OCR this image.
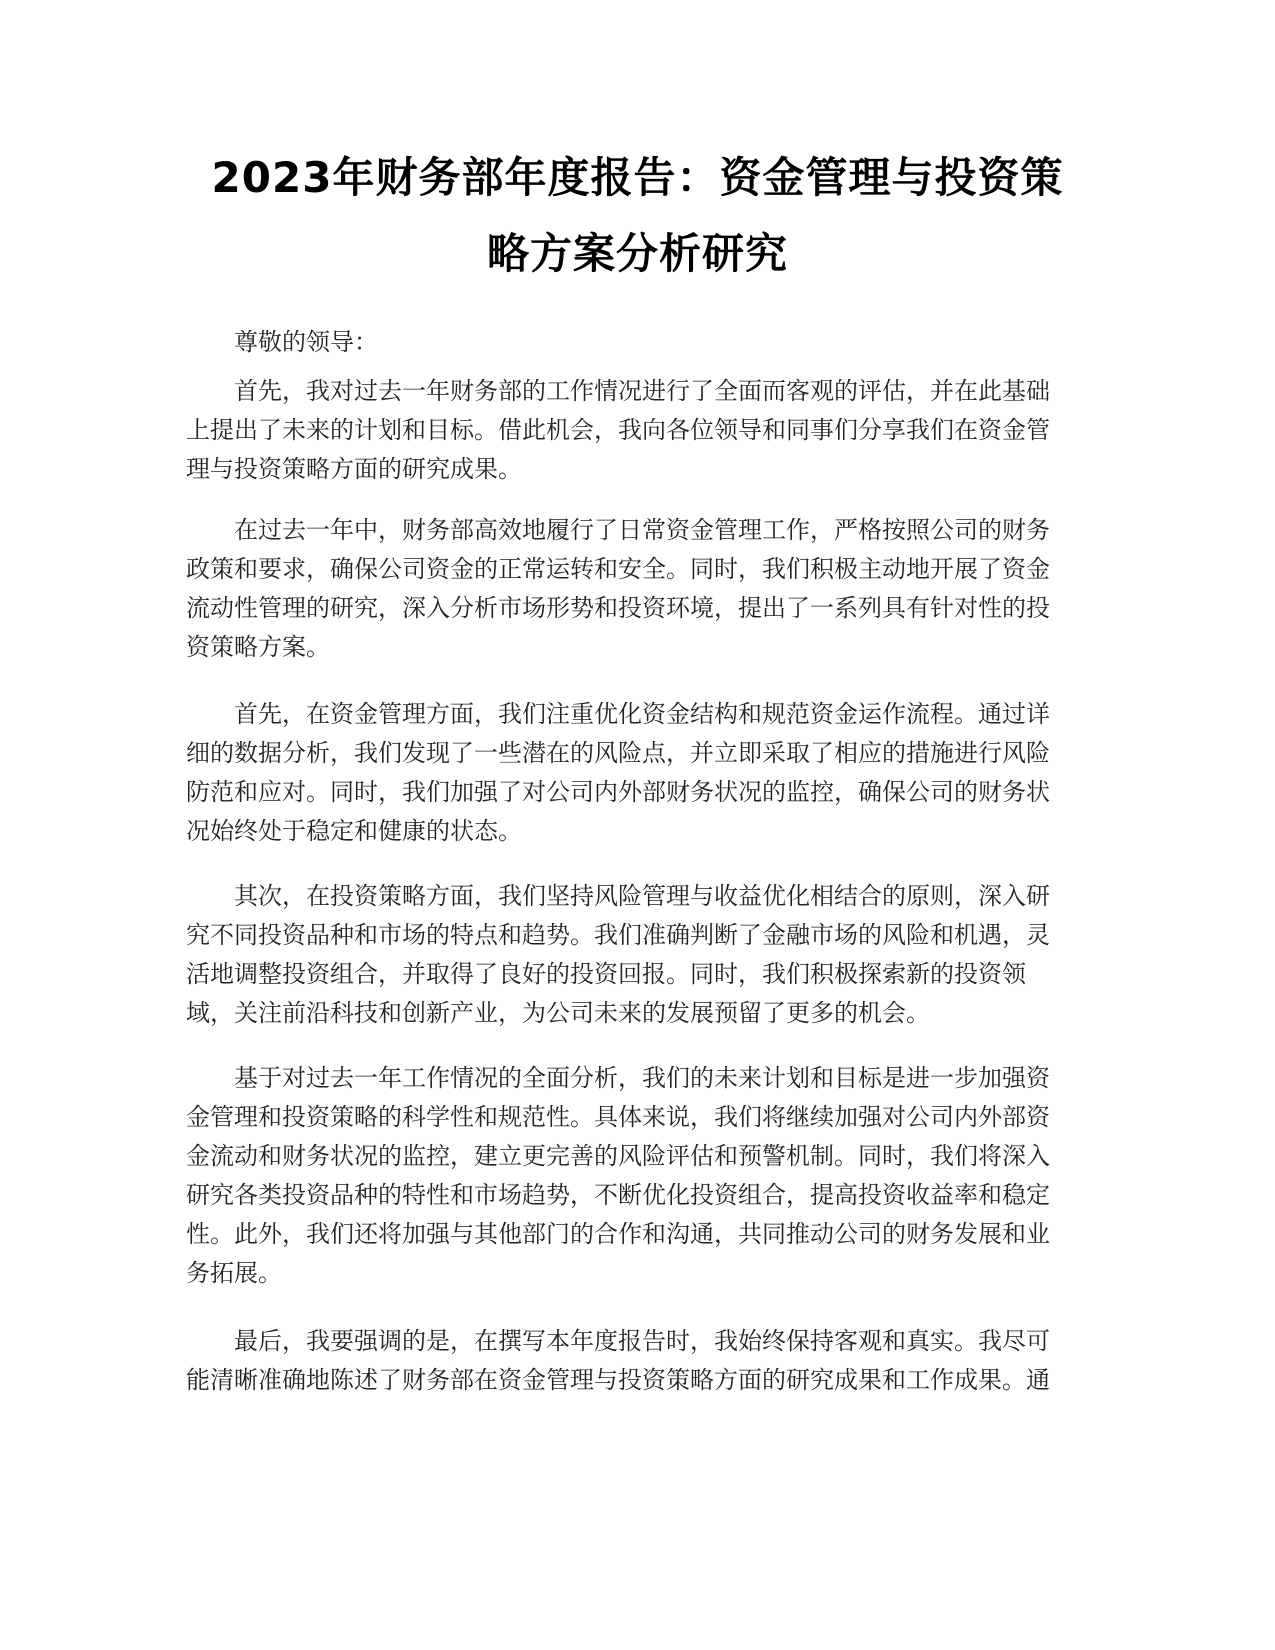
2023年财务部年度报告：资金管理与投资策
略方案分析研究

尊敬的领导：

首先，我对过去一年财务部的工作情况进行了全面而客观的评估，并在此基础
上提出了未来的计划和目标。借此机会，我向各位领导和同事们分享我们在资金管
理与投资策略方面的研究成果。
在过去一年中，财务部高效地履行了日常资金管理工作，严格按照公司的财务
政策和要求，确保公司资金的正常运转和安全。同时，我们积极主动地开展了资金
流动性管理的研究，深入分析市场形势和投资环境，提出了一系列具有针对性的投
资策略方案。
首先，在资金管理方面，我们注重优化资金结构和规范资金运作流程。通过详
细的数据分析，我们发现了一些潜在的风险点，并立即采取了相应的措施进行风险
防范和应对。同时，我们加强了对公司内外部财务状况的监控，确保公司的财务状
况始终处于稳定和健康的状态。
其次，在投资策略方面，我们坚持风险管理与收益优化相结合的原则，深入研
究不同投资品种和市场的特点和趋势。我们准确判断了金融市场的风险和机遇，灵
活地调整投资组合，并取得了良好的投资回报。同时，我们积极探索新的投资领
域，关注前沿科技和创新产业，为公司未来的发展预留了更多的机会。
基于对过去一年工作情况的全面分析，我们的未来计划和目标是进一步加强资
金管理和投资策略的科学性和规范性。具体来说，我们将继续加强对公司内外部资
金流动和财务状况的监控，建立更完善的风险评估和预警机制。同时，我们将深入
研究各类投资品种的特性和市场趋势，不断优化投资组合，提高投资收益率和稳定
性。此外，我们还将加强与其他部门的合作和沟通，共同推动公司的财务发展和业
务拓展。
最后，我要强调的是，在撰写本年度报告时，我始终保持客观和真实。我尽可
能清晰准确地陈述了财务部在资金管理与投资策略方面的研究成果和工作成果。通
